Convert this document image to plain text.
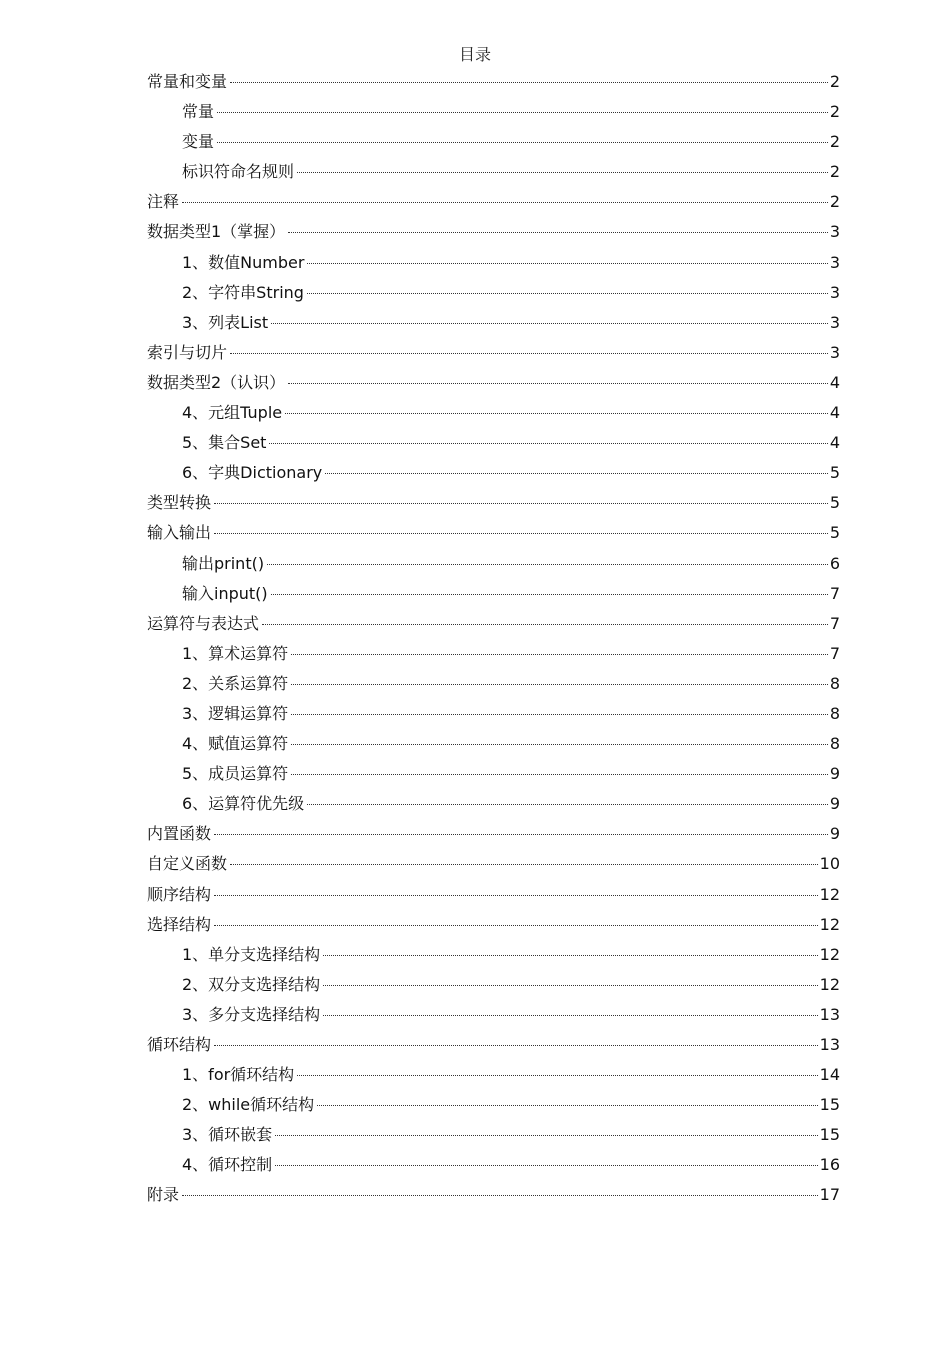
目录
常量和变量	2
常量	2
变量	2
标识符命名规则	2
注释	2
数据类型1（掌握）	3
1、数值Number	3
2、字符串String	3
3、列表List	3
索引与切片	3
数据类型2（认识）	4
4、元组Tuple	4
5、集合Set	4
6、字典Dictionary	5
类型转换	5
输入输出	5
输出print()	6
输入input()	7
运算符与表达式	7
1、算术运算符	7
2、关系运算符	8
3、逻辑运算符	8
4、赋值运算符	8
5、成员运算符	9
6、运算符优先级	9
内置函数	9
自定义函数	10
顺序结构	12
选择结构	12
1、单分支选择结构	12
2、双分支选择结构	12
3、多分支选择结构	13
循环结构	13
1、for循环结构	14
2、while循环结构	15
3、循环嵌套	15
4、循环控制	16
附录	17
